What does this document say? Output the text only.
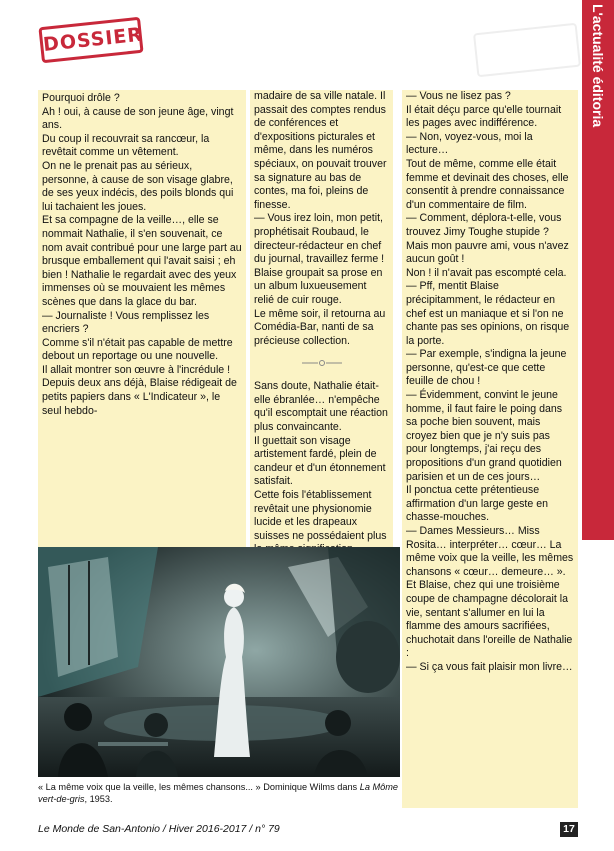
DOSSIER	L'actualité éditoria

Pourquoi drôle ?

Ah ! oui, à cause de son jeune âge, vingt ans.

Du coup il recouvrait sa rancœur, la revêtait comme un vêtement.

On ne le prenait pas au sérieux, personne, à cause de son visage glabre, de ses yeux indécis, des poils blonds qui lui tachaient les joues.

Et sa compagne de la veille…, elle se nommait Nathalie, il s'en souvenait, ce nom avait contribué pour une large part au brusque emballement qui l'avait saisi ; eh bien ! Nathalie le regardait avec des yeux immenses où se mouvaient les mêmes scènes que dans la glace du bar.

— Journaliste ! Vous remplissez les encriers ?

Comme s'il n'était pas capable de mettre debout un reportage ou une nouvelle.

Il allait montrer son œuvre à l'incrédule !

Depuis deux ans déjà, Blaise rédigeait de petits papiers dans « L'Indicateur », le seul hebdo-

madaire de sa ville natale. Il passait des comptes rendus de conférences et d'expositions picturales et même, dans les numéros spéciaux, on pouvait trouver sa signature au bas de contes, ma foi, pleins de finesse.

— Vous irez loin, mon petit, prophétisait Roubaud, le directeur-rédacteur en chef du journal, travaillez ferme !

Blaise groupait sa prose en un album luxueusement relié de cuir rouge.

Le même soir, il retourna au Comédia-Bar, nanti de sa précieuse collection.

Sans doute, Nathalie était-elle ébranlée… n'empêche qu'il escomptait une réaction plus convaincante.

Il guettait son visage artistement fardé, plein de candeur et d'un étonnement satisfait.

Cette fois l'établissement revêtait une physionomie lucide et les drapeaux suisses ne possédaient plus

— Vous ne lisez pas ?

Il était déçu parce qu'elle tournait les pages avec indifférence.

— Non, voyez-vous, moi la lecture…

Tout de même, comme elle était femme et devinait des choses, elle consentit à prendre connaissance d'un commentaire de film.

— Comment, déplora-t-elle, vous trouvez Jimy Toughe stupide ? Mais mon pauvre ami, vous n'avez aucun goût !

Non ! il n'avait pas escompté cela.

— Pff, mentit Blaise précipitamment, le rédacteur en chef est un maniaque et si l'on ne chante pas ses opinions, on risque la porte.

— Par exemple, s'indigna la jeune personne, qu'est-ce que cette feuille de chou !

— Évidemment, convint le jeune homme, il faut faire le poing dans sa poche bien souvent, mais croyez bien que je n'y suis pas pour longtemps, j'ai reçu des propositions d'un grand quotidien parisien et un de ces jours…

Il ponctua cette prétentieuse affirmation d'un large geste en chasse-mouches.

— Dames Messieurs… Miss Rosita… interpréter… cœur… La même voix que la veille, les mêmes chansons « cœur… demeure… ».

Et Blaise, chez qui une troisième coupe de champagne décolorait la vie, sentant s'allumer en lui la flamme des amours sacrifiées, chuchotait dans l'oreille de Nathalie :

— Si ça vous fait plaisir mon livre…

« La même voix que la veille, les mêmes chansons... » Dominique Wilms dans La Môme vert-de-gris, 1953.
Le Monde de San-Antonio / Hiver 2016-2017 / n° 79	17
